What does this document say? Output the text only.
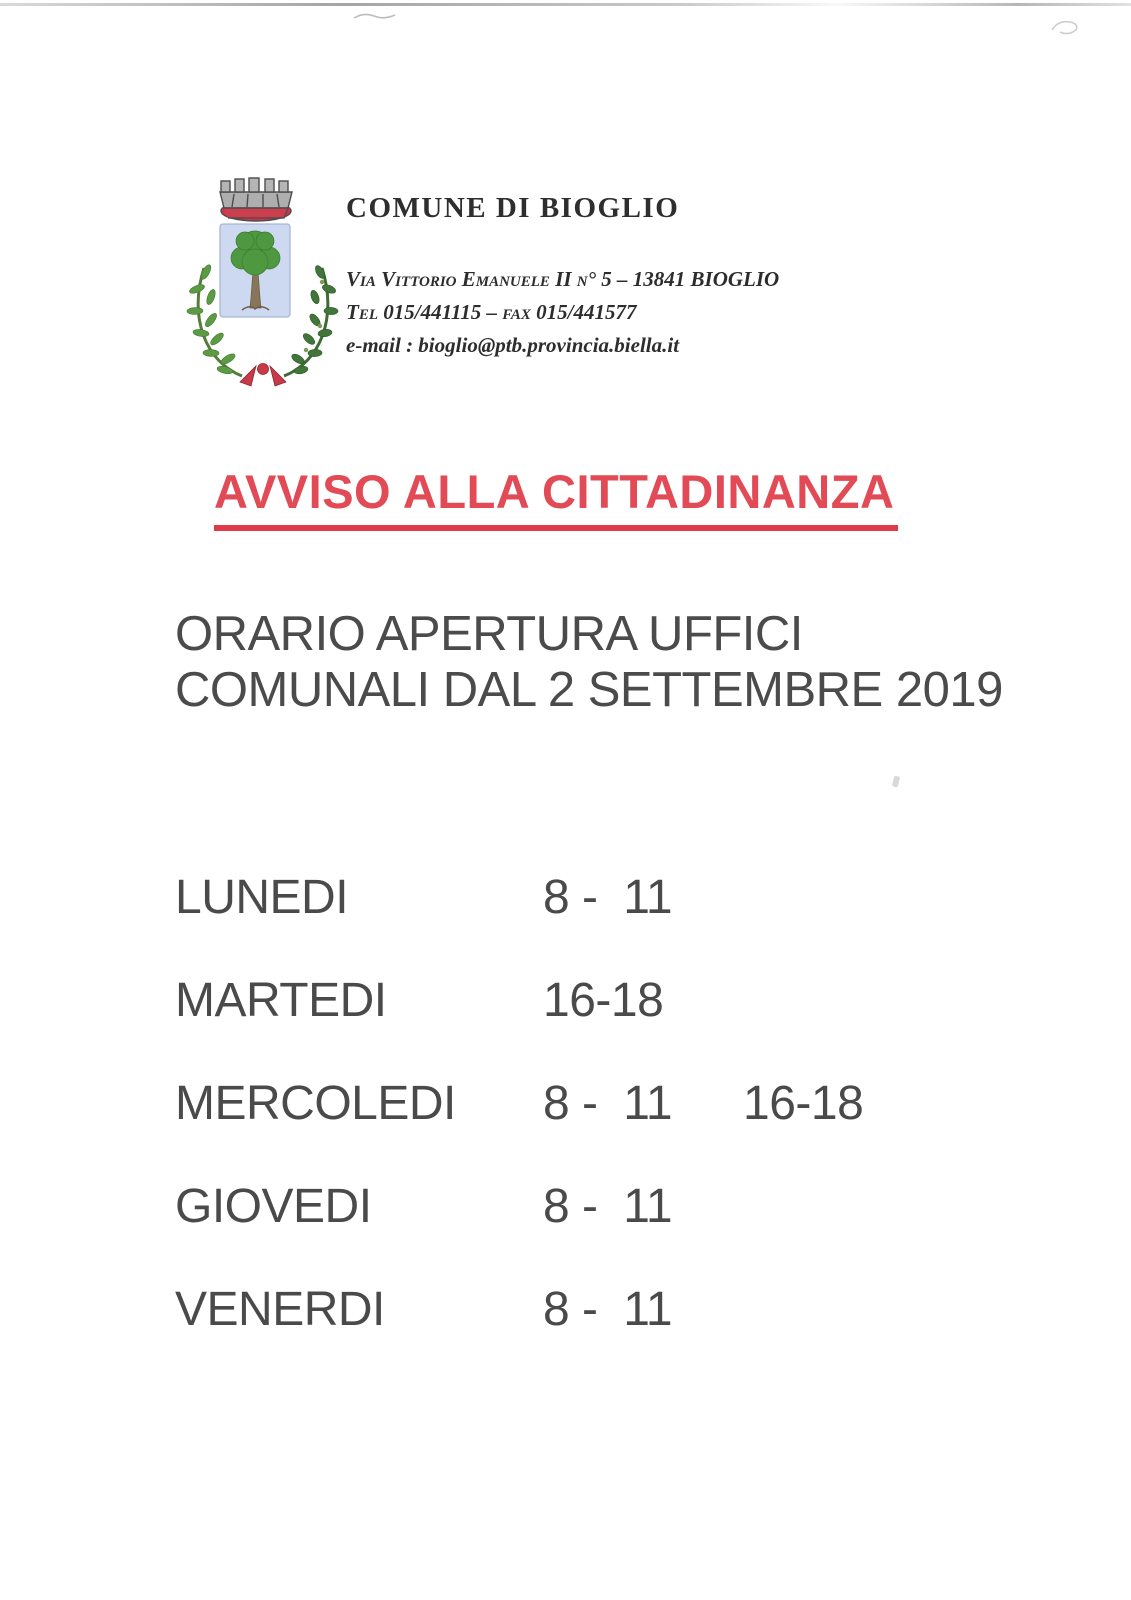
COMUNE DI BIOGLIO
Via Vittorio Emanuele II n° 5 – 13841 BIOGLIO
Tel 015/441115 – fax 015/441577
e-mail : bioglio@ptb.provincia.biella.it
AVVISO ALLA CITTADINANZA
ORARIO APERTURA UFFICI
COMUNALI DAL 2 SETTEMBRE 2019
LUNEDI	8 -  11
MARTEDI	16-18
MERCOLEDI	8 -  11	16-18
GIOVEDI	8 -  11
VENERDI	8 -  11
